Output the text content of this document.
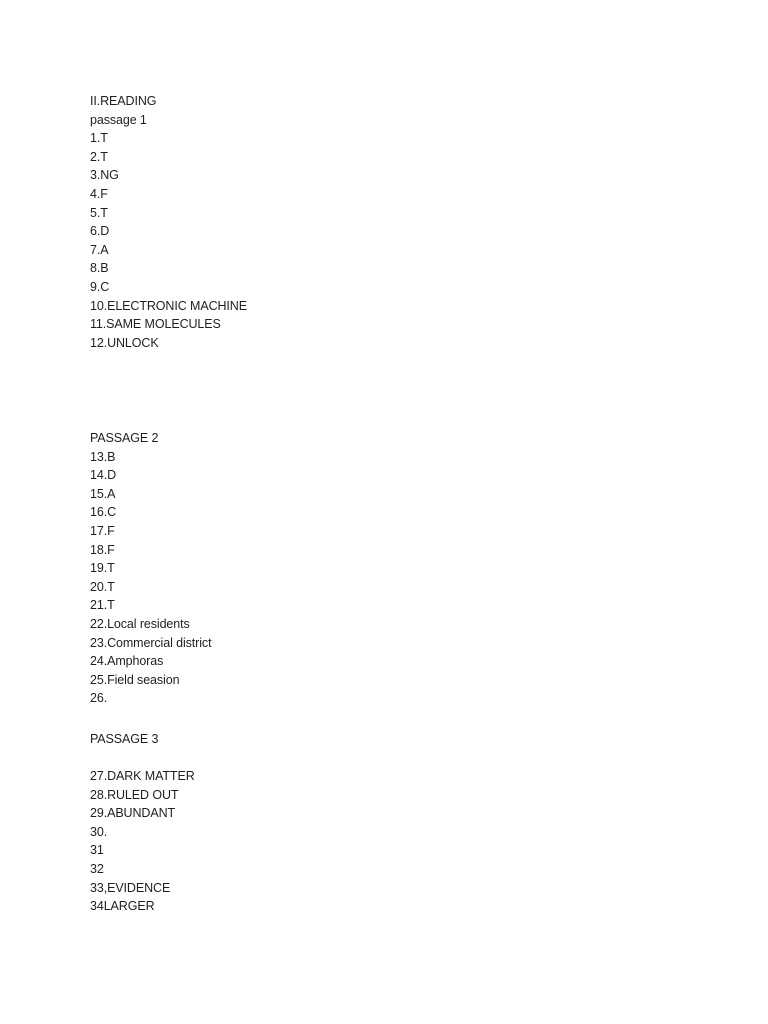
II.READING
passage 1
1.T
2.T
3.NG
4.F
5.T
6.D
7.A
8.B
9.C
10.ELECTRONIC MACHINE
11.SAME MOLECULES
12.UNLOCK
PASSAGE 2
13.B
14.D
15.A
16.C
17.F
18.F
19.T
20.T
21.T
22.Local residents
23.Commercial district
24.Amphoras
25.Field seasion
26.
PASSAGE 3
27.DARK MATTER
28.RULED OUT
29.ABUNDANT
30.
31
32
33,EVIDENCE
34LARGER
